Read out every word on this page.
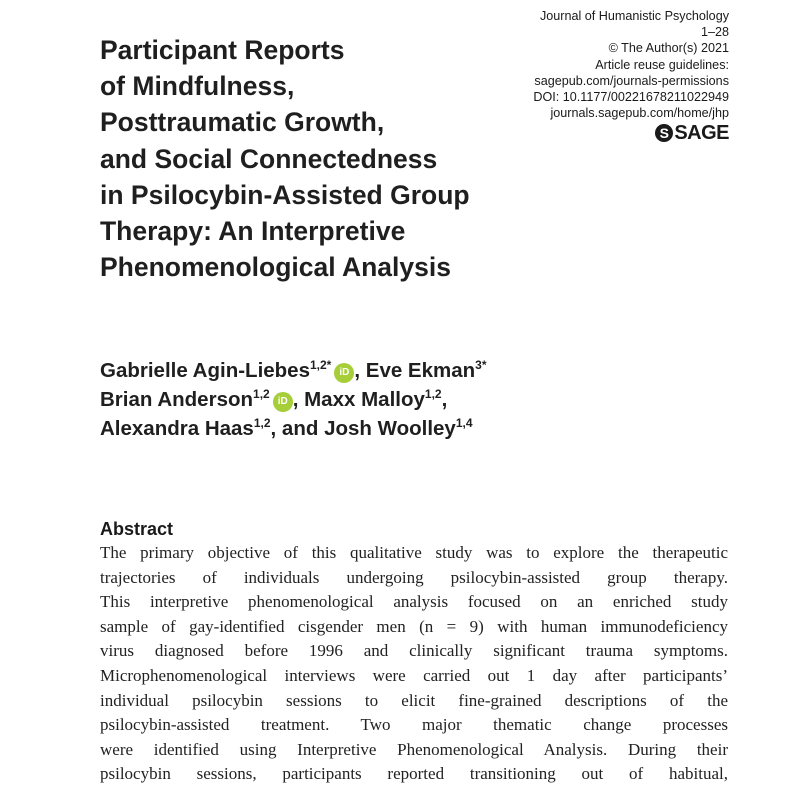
Journal of Humanistic Psychology
1–28
© The Author(s) 2021
Article reuse guidelines:
sagepub.com/journals-permissions
DOI: 10.1177/00221678211022949
journals.sagepub.com/home/jhp
S SAGE
Participant Reports
of Mindfulness,
Posttraumatic Growth,
and Social Connectedness
in Psilocybin-Assisted Group
Therapy: An Interpretive
Phenomenological Analysis
Gabrielle Agin-Liebes$^{1,2*}$iD , Eve Ekman$^{3*}$
Brian Anderson$^{1,2}$iD , Maxx Malloy$^{1,2}$,
Alexandra Haas$^{1,2}$, and Josh Woolley$^{1,4}$
Abstract
The primary objective of this qualitative study was to explore the therapeutic
trajectories of individuals undergoing psilocybin-assisted group therapy.
This interpretive phenomenological analysis focused on an enriched study
sample of gay-identified cisgender men (n = 9) with human immunodeficiency
virus diagnosed before 1996 and clinically significant trauma symptoms.
Microphenomenological interviews were carried out 1 day after participants’
individual psilocybin sessions to elicit fine-grained descriptions of the
psilocybin-assisted treatment. Two major thematic change processes
were identified using Interpretive Phenomenological Analysis. During their
psilocybin sessions, participants reported transitioning out of habitual,
